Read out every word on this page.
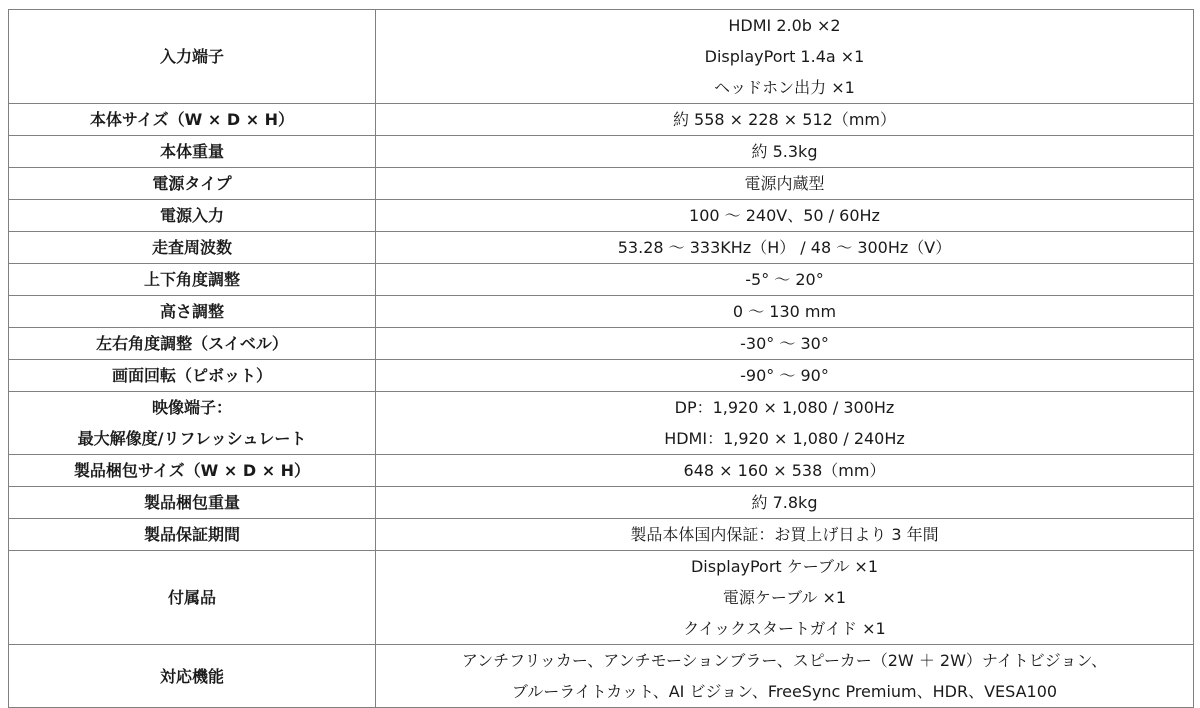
入力端子	HDMI 2.0b ×2
DisplayPort 1.4a ×1
ヘッドホン出力 ×1

本体サイズ（W × D × H）	約 558 × 228 × 512（mm）

本体重量	約 5.3kg

電源タイプ	電源内蔵型

電源入力	100 ～ 240V、50 / 60Hz

走査周波数	53.28 ～ 333KHz（H） / 48 ～ 300Hz（V）

上下角度調整	-5° ～ 20°

高さ調整	0 ～ 130 mm

左右角度調整（スイベル）	-30° ～ 30°

画面回転（ピボット）	-90° ～ 90°

映像端子：
最大解像度/リフレッシュレート	DP：1,920 × 1,080 / 300Hz
HDMI：1,920 × 1,080 / 240Hz

製品梱包サイズ（W × D × H）	648 × 160 × 538（mm）

製品梱包重量	約 7.8kg

製品保証期間	製品本体国内保証：お買上げ日より 3 年間

付属品	DisplayPort ケーブル ×1
電源ケーブル ×1
クイックスタートガイド ×1

対応機能	アンチフリッカー、アンチモーションブラー、スピーカー（2W ＋ 2W）ナイトビジョン、
ブルーライトカット、AI ビジョン、FreeSync Premium、HDR、VESA100
